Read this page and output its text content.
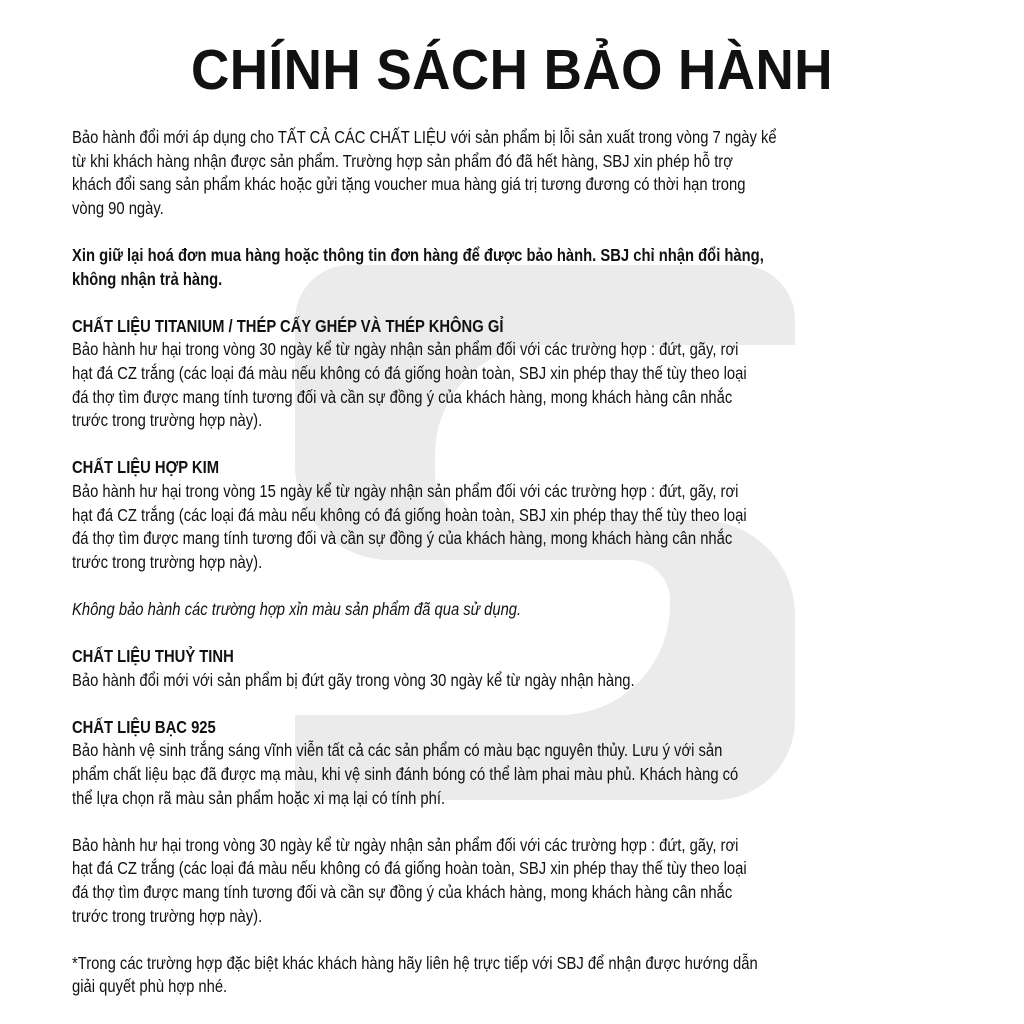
CHÍNH SÁCH BẢO HÀNH
Bảo hành đổi mới áp dụng cho TẤT CẢ CÁC CHẤT LIỆU với sản phẩm bị lỗi sản xuất trong vòng 7 ngày kể
từ khi khách hàng nhận được sản phẩm. Trường hợp sản phẩm đó đã hết hàng, SBJ xin phép hỗ trợ
khách đổi sang sản phẩm khác hoặc gửi tặng voucher mua hàng giá trị tương đương có thời hạn trong
vòng 90 ngày.
Xin giữ lại hoá đơn mua hàng hoặc thông tin đơn hàng để được bảo hành. SBJ chỉ nhận đổi hàng,
không nhận trả hàng.
CHẤT LIỆU TITANIUM / THÉP CẤY GHÉP VÀ THÉP KHÔNG GỈ
Bảo hành hư hại trong vòng 30 ngày kể từ ngày nhận sản phẩm đối với các trường hợp : đứt, gãy, rơi
hạt đá CZ trắng (các loại đá màu nếu không có đá giống hoàn toàn, SBJ xin phép thay thế tùy theo loại
đá thợ tìm được mang tính tương đối và cần sự đồng ý của khách hàng, mong khách hàng cân nhắc
trước trong trường hợp này).
CHẤT LIỆU HỢP KIM
Bảo hành hư hại trong vòng 15 ngày kể từ ngày nhận sản phẩm đối với các trường hợp : đứt, gãy, rơi
hạt đá CZ trắng (các loại đá màu nếu không có đá giống hoàn toàn, SBJ xin phép thay thế tùy theo loại
đá thợ tìm được mang tính tương đối và cần sự đồng ý của khách hàng, mong khách hàng cân nhắc
trước trong trường hợp này).
Không bảo hành các trường hợp xỉn màu sản phẩm đã qua sử dụng.
CHẤT LIỆU THUỶ TINH
Bảo hành đổi mới với sản phẩm bị đứt gãy trong vòng 30 ngày kể từ ngày nhận hàng.
CHẤT LIỆU BẠC 925
Bảo hành vệ sinh trắng sáng vĩnh viễn tất cả các sản phẩm có màu bạc nguyên thủy. Lưu ý với sản
phẩm chất liệu bạc đã được mạ màu, khi vệ sinh đánh bóng có thể làm phai màu phủ. Khách hàng có
thể lựa chọn rã màu sản phẩm hoặc xi mạ lại có tính phí.
Bảo hành hư hại trong vòng 30 ngày kể từ ngày nhận sản phẩm đối với các trường hợp : đứt, gãy, rơi
hạt đá CZ trắng (các loại đá màu nếu không có đá giống hoàn toàn, SBJ xin phép thay thế tùy theo loại
đá thợ tìm được mang tính tương đối và cần sự đồng ý của khách hàng, mong khách hàng cân nhắc
trước trong trường hợp này).
*Trong các trường hợp đặc biệt khác khách hàng hãy liên hệ trực tiếp với SBJ để nhận được hướng dẫn
giải quyết phù hợp nhé.
